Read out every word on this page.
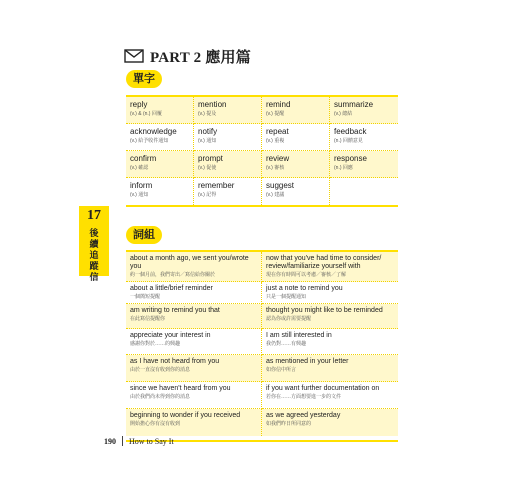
PART 2 應用篇
單字
reply
(v.) & (n.) 回覆
mention
(v.) 提及
remind
(v.) 提醒
summarize
(v.) 總結
acknowledge
(v.) 給予收件通知
notify
(v.) 通知
repeat
(v.) 重複
feedback
(n.) 回饋意見
confirm
(v.) 確認
prompt
(v.) 促使
review
(v.) 審核
response
(n.) 回應
inform
(v.) 通知
remember
(v.) 記得
suggest
(v.) 建議
17
後續追蹤信
詞組
about a month ago, we sent you/wrote you
約一個月前，我們寄出／寫信給你關於
now that you've had time to consider/ review/familiarize yourself with
現在你有時間可以考慮／審核／了解
about a little/brief reminder
一個簡短提醒
just a note to remind you
只是一個提醒通知
am writing to remind you that
在此寫信提醒你
thought you might like to be reminded
認為你或許需要提醒
appreciate your interest in
感謝你對於……的興趣
I am still interested in
我仍對……有興趣
as I have not heard from you
由於一直沒有收到你的消息
as mentioned in your letter
如你信中所言
since we haven't heard from you
由於我們尚未得到你的消息
if you want further documentation on
若你在……方面想要進一步的文件
beginning to wonder if you received
開始擔心你有沒有收到
as we agreed yesterday
如我們昨日所同意的
190 How to Say It
